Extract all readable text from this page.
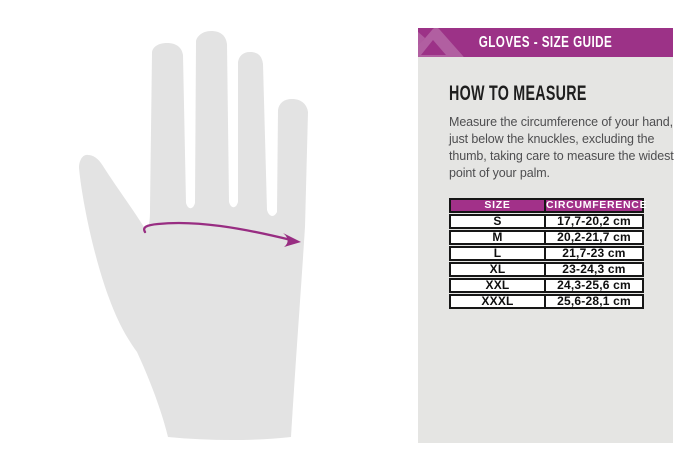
GLOVES - SIZE GUIDE
HOW TO MEASURE
Measure the circumference of your hand,
just below the knuckles, excluding the
thumb, taking care to measure the widest
point of your palm.
SIZE	CIRCUMFERENCE
S	17,7-20,2 cm
M	20,2-21,7 cm
L	21,7-23 cm
XL	23-24,3 cm
XXL	24,3-25,6 cm
XXXL	25,6-28,1 cm
